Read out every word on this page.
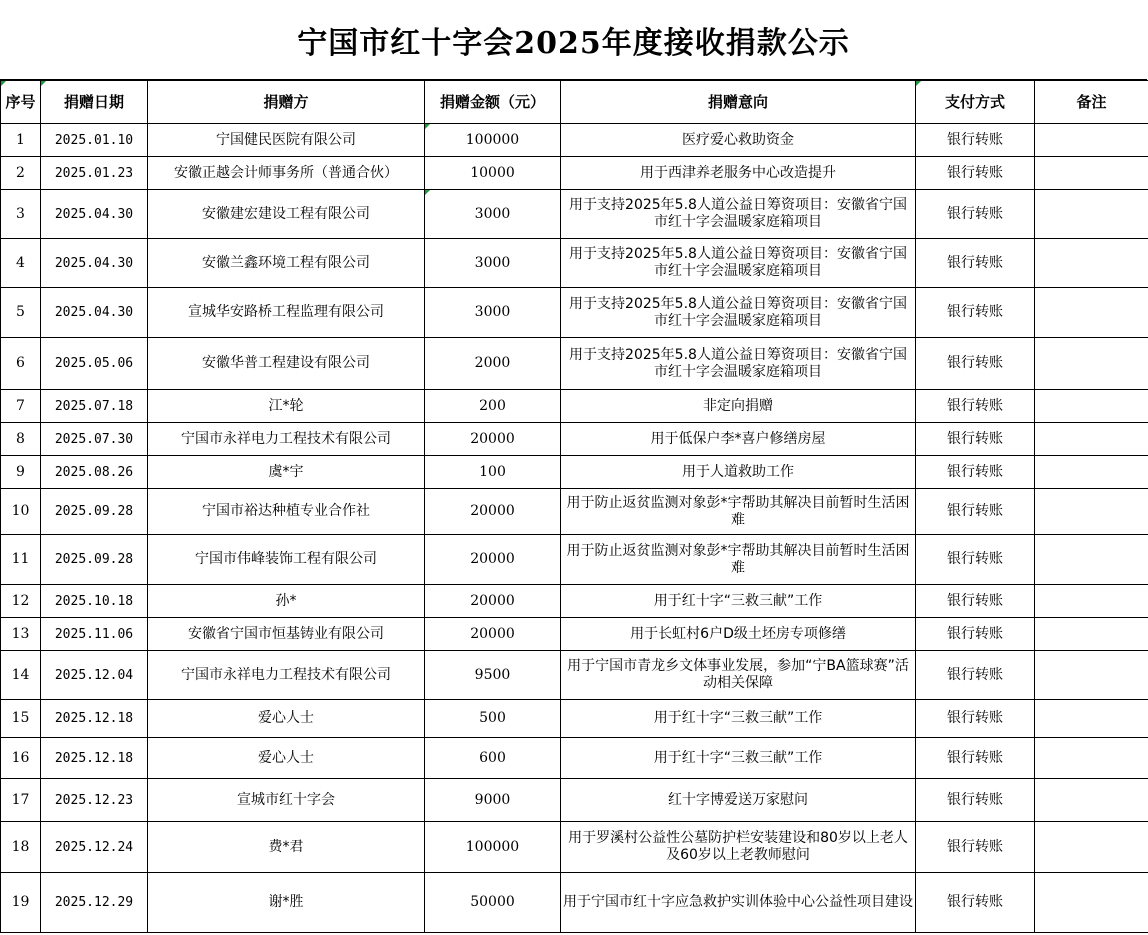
宁国市红十字会2025年度接收捐款公示
序号	捐赠日期	捐赠方	捐赠金额（元）	捐赠意向	支付方式	备注
1	2025.01.10	宁国健民医院有限公司	100000	医疗爱心救助资金	银行转账	
2	2025.01.23	安徽正越会计师事务所（普通合伙）	10000	用于西津养老服务中心改造提升	银行转账	
3	2025.04.30	安徽建宏建设工程有限公司	3000	用于支持2025年5.8人道公益日筹资项目：安徽省宁国市红十字会温暖家庭箱项目	银行转账	
4	2025.04.30	安徽兰鑫环境工程有限公司	3000	用于支持2025年5.8人道公益日筹资项目：安徽省宁国市红十字会温暖家庭箱项目	银行转账	
5	2025.04.30	宣城华安路桥工程监理有限公司	3000	用于支持2025年5.8人道公益日筹资项目：安徽省宁国市红十字会温暖家庭箱项目	银行转账	
6	2025.05.06	安徽华普工程建设有限公司	2000	用于支持2025年5.8人道公益日筹资项目：安徽省宁国市红十字会温暖家庭箱项目	银行转账	
7	2025.07.18	江*轮	200	非定向捐赠	银行转账	
8	2025.07.30	宁国市永祥电力工程技术有限公司	20000	用于低保户李*喜户修缮房屋	银行转账	
9	2025.08.26	虞*宇	100	用于人道救助工作	银行转账	
10	2025.09.28	宁国市裕达种植专业合作社	20000	用于防止返贫监测对象彭*宇帮助其解决目前暂时生活困难	银行转账	
11	2025.09.28	宁国市伟峰装饰工程有限公司	20000	用于防止返贫监测对象彭*宇帮助其解决目前暂时生活困难	银行转账	
12	2025.10.18	孙*	20000	用于红十字“三救三献”工作	银行转账	
13	2025.11.06	安徽省宁国市恒基铸业有限公司	20000	用于长虹村6户D级土坯房专项修缮	银行转账	
14	2025.12.04	宁国市永祥电力工程技术有限公司	9500	用于宁国市青龙乡文体事业发展，参加“宁BA篮球赛”活动相关保障	银行转账	
15	2025.12.18	爱心人士	500	用于红十字“三救三献”工作	银行转账	
16	2025.12.18	爱心人士	600	用于红十字“三救三献”工作	银行转账	
17	2025.12.23	宣城市红十字会	9000	红十字博爱送万家慰问	银行转账	
18	2025.12.24	费*君	100000	用于罗溪村公益性公墓防护栏安装建设和80岁以上老人及60岁以上老教师慰问	银行转账	
19	2025.12.29	谢*胜	50000	用于宁国市红十字应急救护实训体验中心公益性项目建设	银行转账	
